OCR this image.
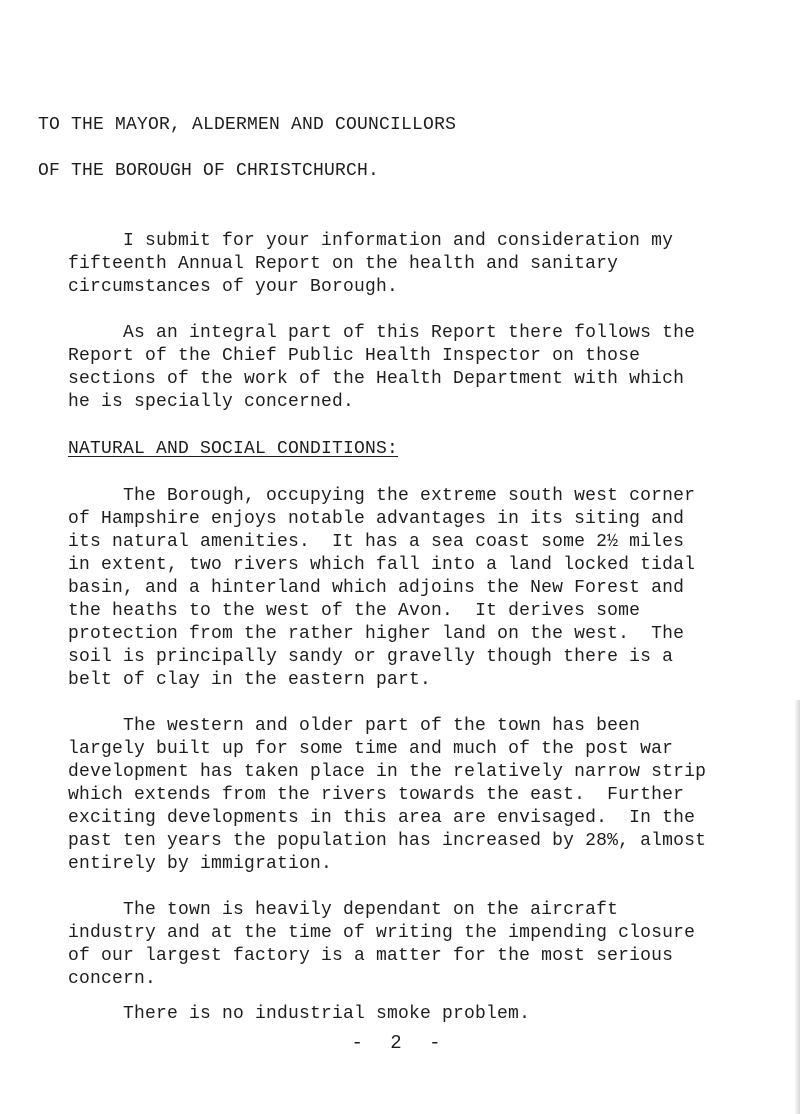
TO THE MAYOR, ALDERMEN AND COUNCILLORS
OF THE BOROUGH OF CHRISTCHURCH.
I submit for your information and consideration my
fifteenth Annual Report on the health and sanitary
circumstances of your Borough.
As an integral part of this Report there follows the
Report of the Chief Public Health Inspector on those
sections of the work of the Health Department with which
he is specially concerned.
NATURAL AND SOCIAL CONDITIONS:
The Borough, occupying the extreme south west corner
of Hampshire enjoys notable advantages in its siting and
its natural amenities.  It has a sea coast some 2½ miles
in extent, two rivers which fall into a land locked tidal
basin, and a hinterland which adjoins the New Forest and
the heaths to the west of the Avon.  It derives some
protection from the rather higher land on the west.  The
soil is principally sandy or gravelly though there is a
belt of clay in the eastern part.
The western and older part of the town has been
largely built up for some time and much of the post war
development has taken place in the relatively narrow strip
which extends from the rivers towards the east.  Further
exciting developments in this area are envisaged.  In the
past ten years the population has increased by 28%, almost
entirely by immigration.
The town is heavily dependant on the aircraft
industry and at the time of writing the impending closure
of our largest factory is a matter for the most serious
concern.
There is no industrial smoke problem.
- 2 -
